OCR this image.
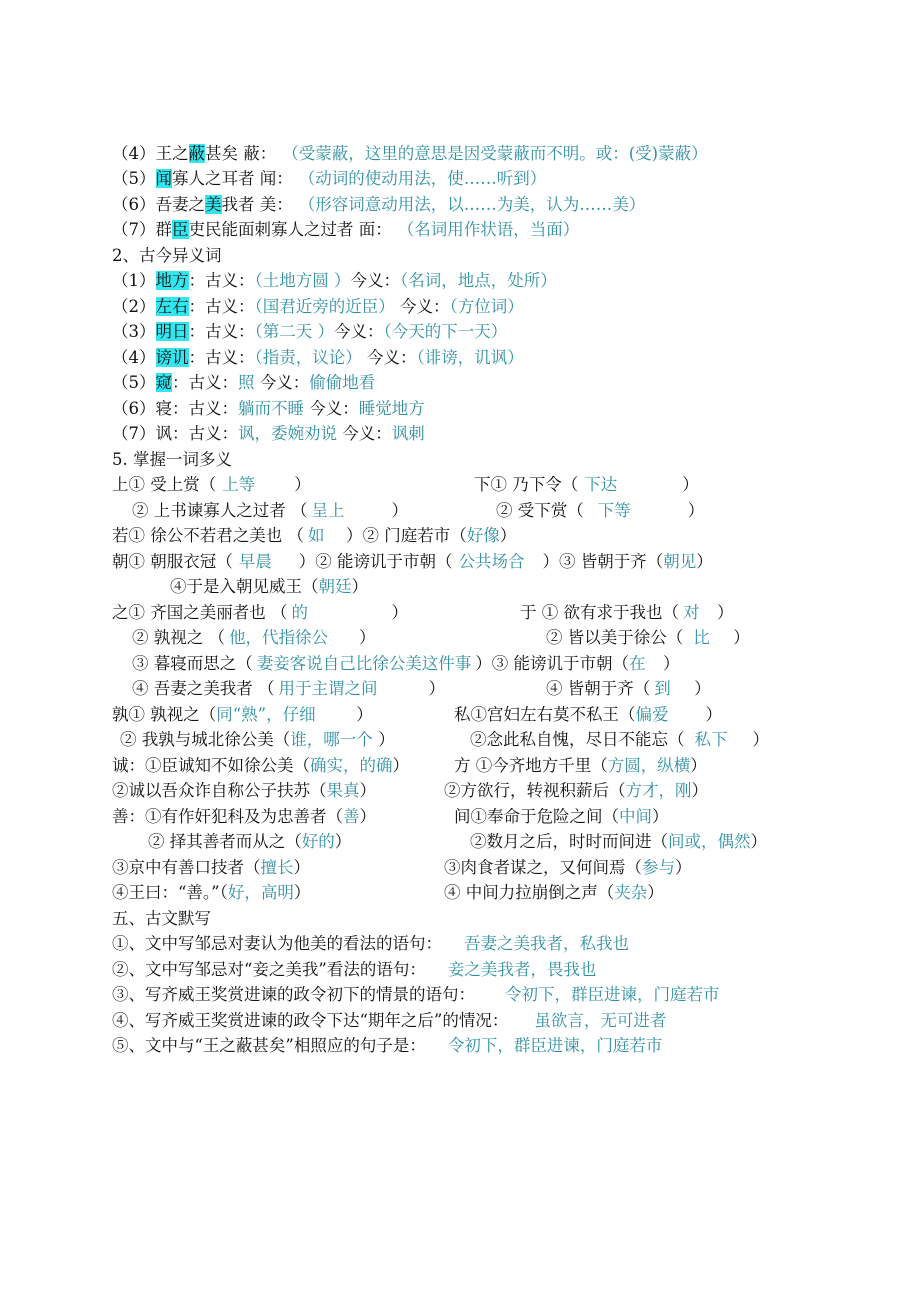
（4）王之蔽甚矣 蔽： （受蒙蔽，这里的意思是因受蒙蔽而不明。或：(受)蒙蔽）
（5）闻寡人之耳者 闻： （动词的使动用法，使……听到）
（6）吾妻之美我者 美： （形容词意动用法，以……为美，认为……美）
（7）群臣吏民能面刺寡人之过者 面： （名词用作状语，当面）
2、古今异义词
（1）地方：古义：（土地方圆 ）今义：（名词，地点，处所）
（2）左右：古义：（国君近旁的近臣） 今义：（方位词）
（3）明日：古义：（第二天 ）今义：（今天的下一天）
（4）谤讥：古义：（指责，议论） 今义：（诽谤，讥讽）
（5）窥：古义：照 今义：偷偷地看
（6）寝：古义：躺而不睡 今义：睡觉地方
（7）讽：古义：讽，委婉劝说 今义：讽刺
5. 掌握一词多义
上① 受上赏（ 上等 ）	下① 乃下令（ 下达	）
② 上书谏寡人之过者 （ 呈上	）	② 受下赏（ 下等	）
若① 徐公不若君之美也 （ 如 ）② 门庭若市（好像）
朝① 朝服衣冠（ 早晨 ）② 能谤讥于市朝（ 公共场合 ）③ 皆朝于齐（朝见）
④于是入朝见威王（朝廷）
之① 齐国之美丽者也 （ 的	）	于 ① 欲有求于我也（ 对 ）
② 孰视之 （ 他，代指徐公 ）	② 皆以美于徐公（ 比 ）
③ 暮寝而思之（ 妻妾客说自己比徐公美这件事 ）③ 能谤讥于市朝（在 ）
④ 吾妻之美我者 （ 用于主谓之间	）	④ 皆朝于齐（ 到 ）
孰① 孰视之（同“熟”，仔细 ）	私①宫妇左右莫不私王（偏爱 ）
② 我孰与城北徐公美（谁，哪一个 ）	②念此私自愧，尽日不能忘（ 私下 ）
诚：①臣诚知不如徐公美（确实，的确）	方 ①今齐地方千里（方圆，纵横）
②诚以吾众诈自称公子扶苏（果真）	②方欲行，转视积薪后（方才，刚）
善：①有作奸犯科及为忠善者（善）	间①奉命于危险之间（中间）
② 择其善者而从之（好的）	②数月之后，时时而间进（间或，偶然）
③京中有善口技者（擅长）	③肉食者谋之，又何间焉（参与）
④王曰：“善。”（好，高明）	④ 中间力拉崩倒之声（夹杂）
五、古文默写
①、文中写邹忌对妻认为他美的看法的语句： 吾妻之美我者，私我也
②、文中写邹忌对“妾之美我”看法的语句： 妾之美我者，畏我也
③、写齐威王奖赏进谏的政令初下的情景的语句： 令初下，群臣进谏，门庭若市
④、写齐威王奖赏进谏的政令下达“期年之后”的情况： 虽欲言，无可进者
⑤、文中与“王之蔽甚矣”相照应的句子是： 令初下，群臣进谏，门庭若市
